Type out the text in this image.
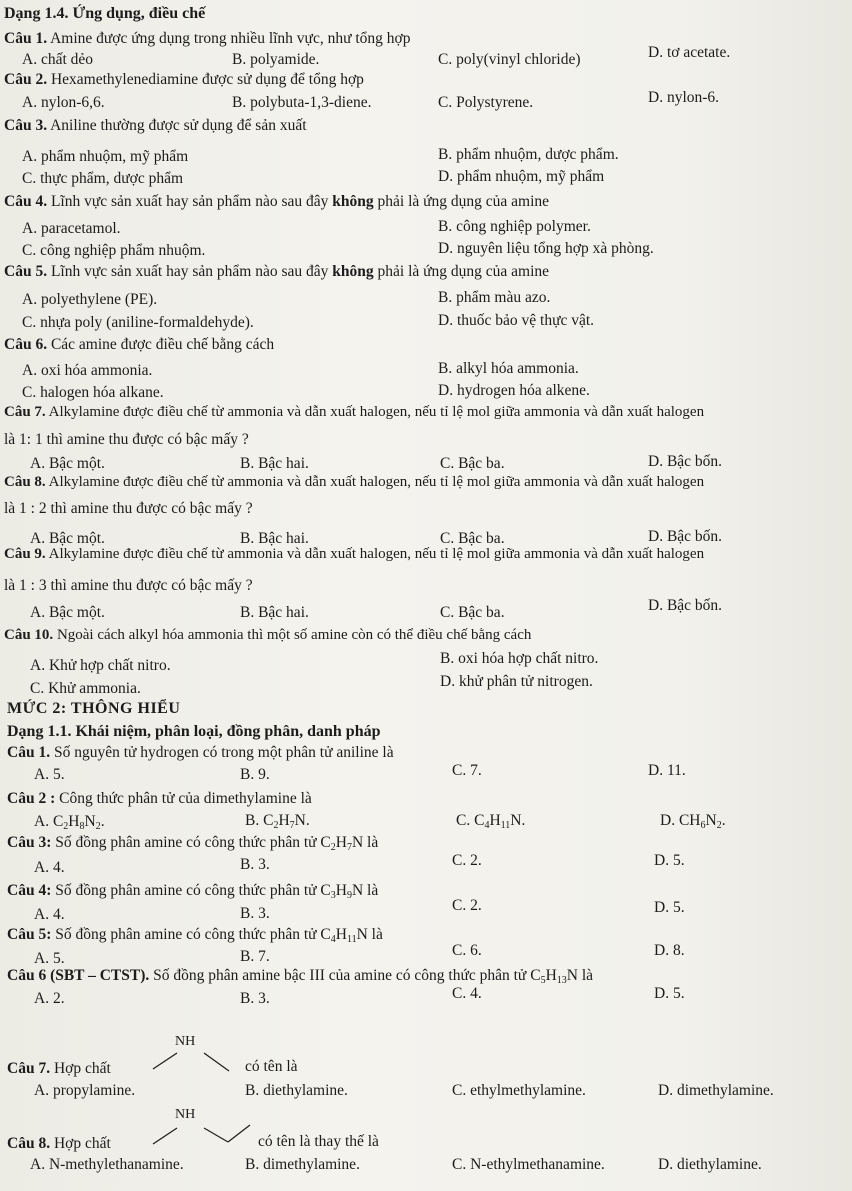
Dạng 1.4. Ứng dụng, điều chế
Câu 1. Amine được ứng dụng trong nhiều lĩnh vực, như tổng hợp
A. chất dẻo	B. polyamide.	C. poly(vinyl chloride)	D. tơ acetate.
Câu 2. Hexamethylenediamine được sử dụng để tổng hợp
A. nylon-6,6.	B. polybuta-1,3-diene.	C. Polystyrene.	D. nylon-6.
Câu 3. Aniline thường được sử dụng để sản xuất
A. phẩm nhuộm, mỹ phẩm	B. phẩm nhuộm, dược phẩm.
C. thực phẩm, dược phẩm	D. phẩm nhuộm, mỹ phẩm
Câu 4. Lĩnh vực sản xuất hay sản phẩm nào sau đây không phải là ứng dụng của amine
A. paracetamol.	B. công nghiệp polymer.
C. công nghiệp phẩm nhuộm.	D. nguyên liệu tổng hợp xà phòng.
Câu 5. Lĩnh vực sản xuất hay sản phẩm nào sau đây không phải là ứng dụng của amine
A. polyethylene (PE).	B. phẩm màu azo.
C. nhựa poly (aniline-formaldehyde).	D. thuốc bảo vệ thực vật.
Câu 6. Các amine được điều chế bằng cách
A. oxi hóa ammonia.	B. alkyl hóa ammonia.
C. halogen hóa alkane.	D. hydrogen hóa alkene.
Câu 7. Alkylamine được điều chế từ ammonia và dẫn xuất halogen, nếu tỉ lệ mol giữa ammonia và dẫn xuất halogen
là 1: 1 thì amine thu được có bậc mấy ?
A. Bậc một.	B. Bậc hai.	C. Bậc ba.	D. Bậc bốn.
Câu 8. Alkylamine được điều chế từ ammonia và dẫn xuất halogen, nếu tỉ lệ mol giữa ammonia và dẫn xuất halogen
là 1 : 2 thì amine thu được có bậc mấy ?
A. Bậc một.	B. Bậc hai.	C. Bậc ba.	D. Bậc bốn.
Câu 9. Alkylamine được điều chế từ ammonia và dẫn xuất halogen, nếu tỉ lệ mol giữa ammonia và dẫn xuất halogen
là 1 : 3 thì amine thu được có bậc mấy ?
A. Bậc một.	B. Bậc hai.	C. Bậc ba.	D. Bậc bốn.
Câu 10. Ngoài cách alkyl hóa ammonia thì một số amine còn có thể điều chế bằng cách
A. Khử hợp chất nitro.	B. oxi hóa hợp chất nitro.
C. Khử ammonia.	D. khử phân tử nitrogen.
MỨC 2: THÔNG HIỂU
Dạng 1.1. Khái niệm, phân loại, đồng phân, danh pháp
Câu 1. Số nguyên tử hydrogen có trong một phân tử aniline là
A. 5.	B. 9.	C. 7.	D. 11.
Câu 2 : Công thức phân tử của dimethylamine là
A. $C_2H_8N_2$.	B. $C_2H_7N$.	C. $C_4H_{11}N$.	D. $CH_6N_2$.
Câu 3: Số đồng phân amine có công thức phân tử $C_2H_7N$ là
A. 4.	B. 3.	C. 2.	D. 5.
Câu 4: Số đồng phân amine có công thức phân tử $C_3H_9N$ là
A. 4.	B. 3.	C. 2.	D. 5.
Câu 5: Số đồng phân amine có công thức phân tử $C_4H_{11}N$ là
A. 5.	B. 7.	C. 6.	D. 8.
Câu 6 (SBT – CTST). Số đồng phân amine bậc III của amine có công thức phân tử $C_5H_{13}N$ là
A. 2.	B. 3.	C. 4.	D. 5.
Câu 7. Hợp chất
NH
có tên là
A. propylamine.	B. diethylamine.	C. ethylmethylamine.	D. dimethylamine.
Câu 8. Hợp chất
NH
có tên là thay thế là
A. N-methylethanamine.	B. dimethylamine.	C. N-ethylmethanamine.	D. diethylamine.
